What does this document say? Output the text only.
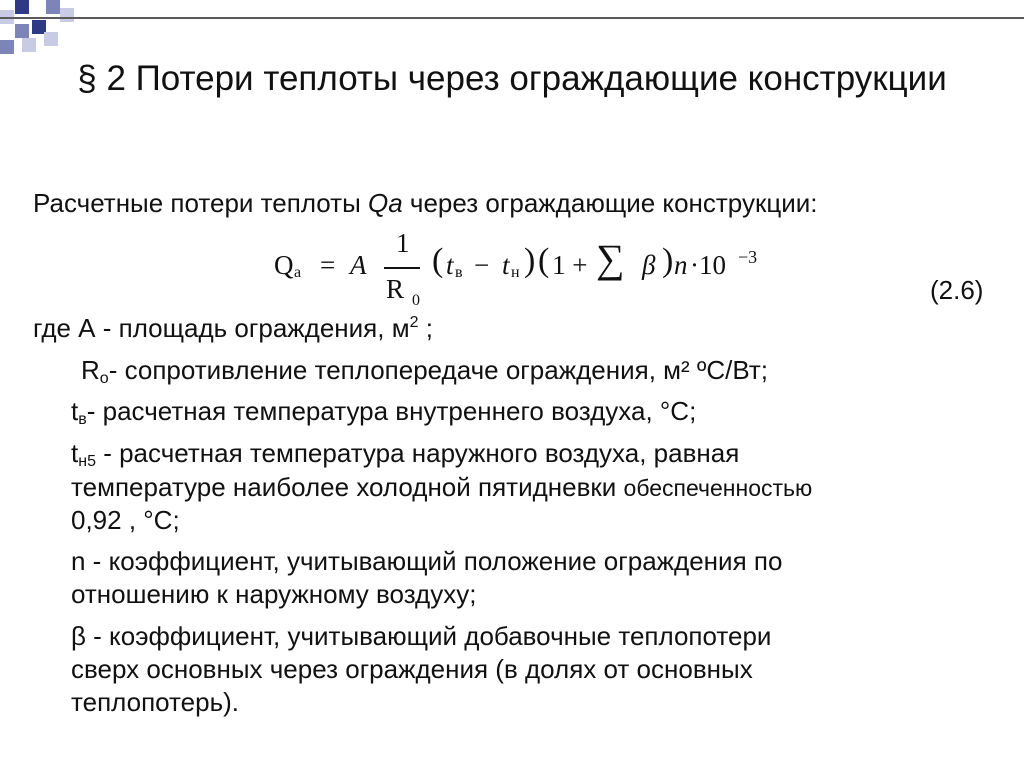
§ 2 Потери теплоты через ограждающие конструкции
Расчетные потери теплоты Qa через ограждающие конструкции:
Q а = A
1
R 0
( t в − t н ) ( 1 + ∑ β ) n ·10 −3
(2.6)
где А - площадь ограждения, $м^2$ ;
$R_о-$ сопротивление теплопередаче ограждения, м² ºС/Вт;
$t_в-$ расчетная температура внутреннего воздуха, °С;
$t_{н5}$ - расчетная температура наружного воздуха, равная
температуре наиболее холодной пятидневки обеспеченностью
0,92 , °С;
n - коэффициент, учитывающий положение ограждения по
отношению к наружному воздуху;
β - коэффициент, учитывающий добавочные теплопотери
сверх основных через ограждения (в долях от основных
теплопотерь).
